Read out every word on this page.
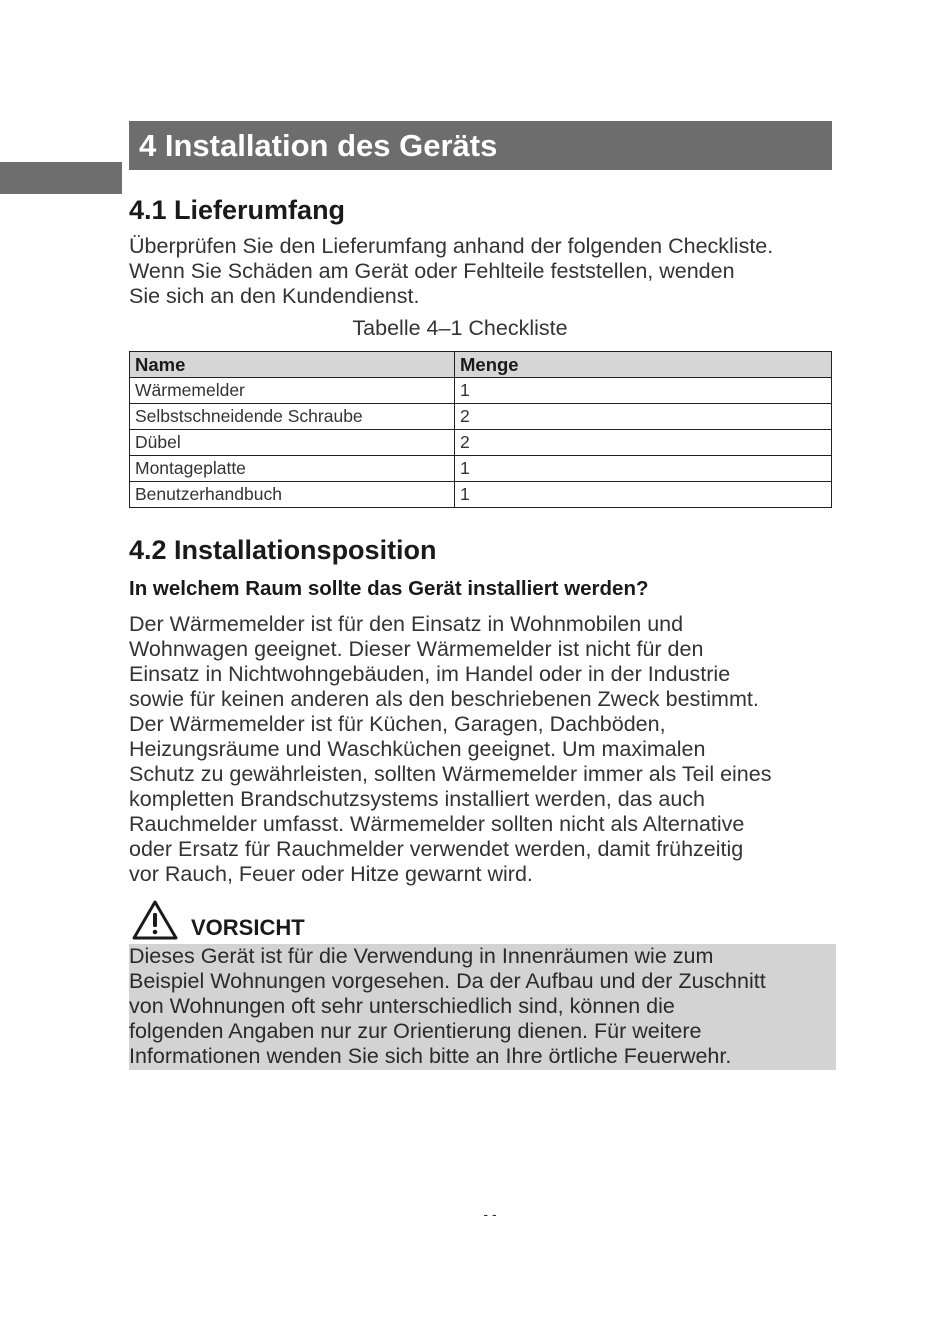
4 Installation des Geräts
4.1 Lieferumfang
Überprüfen Sie den Lieferumfang anhand der folgenden Checkliste.
Wenn Sie Schäden am Gerät oder Fehlteile feststellen, wenden
Sie sich an den Kundendienst.
Tabelle 4–1 Checkliste
Name	Menge
Wärmemelder	1
Selbstschneidende Schraube	2
Dübel	2
Montageplatte	1
Benutzerhandbuch	1
4.2 Installationsposition
In welchem Raum sollte das Gerät installiert werden?
Der Wärmemelder ist für den Einsatz in Wohnmobilen und
Wohnwagen geeignet. Dieser Wärmemelder ist nicht für den
Einsatz in Nichtwohngebäuden, im Handel oder in der Industrie
sowie für keinen anderen als den beschriebenen Zweck bestimmt.
Der Wärmemelder ist für Küchen, Garagen, Dachböden,
Heizungsräume und Waschküchen geeignet. Um maximalen
Schutz zu gewährleisten, sollten Wärmemelder immer als Teil eines
kompletten Brandschutzsystems installiert werden, das auch
Rauchmelder umfasst. Wärmemelder sollten nicht als Alternative
oder Ersatz für Rauchmelder verwendet werden, damit frühzeitig
vor Rauch, Feuer oder Hitze gewarnt wird.
VORSICHT
Dieses Gerät ist für die Verwendung in Innenräumen wie zum
Beispiel Wohnungen vorgesehen. Da der Aufbau und der Zuschnitt
von Wohnungen oft sehr unterschiedlich sind, können die
folgenden Angaben nur zur Orientierung dienen. Für weitere
Informationen wenden Sie sich bitte an Ihre örtliche Feuerwehr.
- -
